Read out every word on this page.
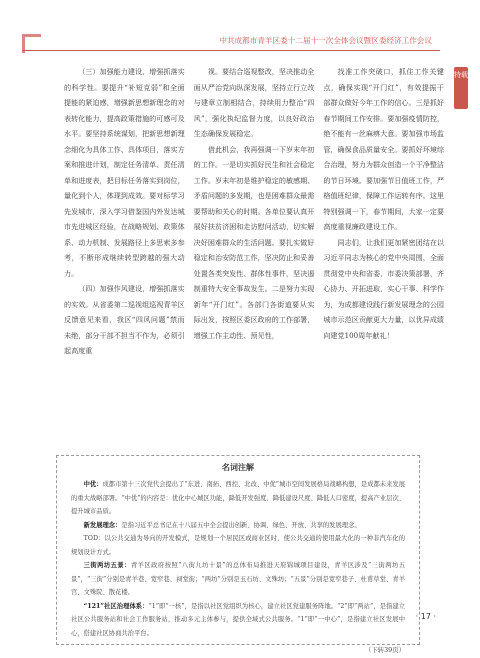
中共成都市青羊区委十二届十一次全体会议暨区委经济工作会议
特载

（三）加强能力建设，增强抓落实的科学性。要提升“补短克弱”和全面提能的紧迫感，增强新思想新理念的对表转化能力，提高政策措施的可感可及水平。要坚持系统谋划，把新思想新理念细化为具体工作、具体项目，落实方案和推进计划，制定任务清单、责任清单和进度表，把目标任务落实到岗位，量化到个人，体现到成效。要对标学习先发城市，深入学习借鉴国内外发达城市先进城区经验，在战略规划、政策体系、动力机制、发展路径上多思索多参考，不断形成继续转型跨越的强大动力。

（四）加强作风建设，增强抓落实的实效。从省委第二巡视组巡视青羊区反馈意见来看，我区“四风问题”禁而未绝，部分干部不担当不作为，必须引起高度重

视。要结合巡视整改，坚决推动全面从严治党向纵深发展，坚持立行立改与建章立制相结合，持续用力整治“四风”，强化执纪监督力度，以良好政治生态确保发展稳定。

借此机会，我再强调一下岁末年初的工作。一是切实抓好民生和社会稳定工作。岁末年初是维护稳定的敏感期、矛盾问题的多发期，也是困难群众最需要帮助和关心的时期。各单位要认真开展好扶贫济困和走访慰问活动，切实解决好困难群众的生活问题。要扎实做好稳定和治安防范工作，坚决防止和妥善处置各类突发性、群体性事件，坚决遏制重特大安全事故发生。二是努力实现新年“开门红”。各部门各街道要从实际出发，按照区委区政府的工作部署，增强工作主动性、预见性，

找准工作突破口，抓住工作关键点，确保实现“开门红”，有效提振干部群众做好今年工作的信心。三是抓好春节期间工作安排。要加强疫情防控，绝不能有一丝麻痹大意。要加强市场监管，确保食品质量安全。要抓好环境综合治理，努力为群众创造一个干净整洁的节日环境。要加强节日值班工作，严格值班纪律，保障工作运转有序。这里特别强调一下，春节期间，大家一定要高度重视廉政建设工作。

同志们，让我们更加紧密团结在以习近平同志为核心的党中央周围，全面贯彻党中央和省委、市委决策部署，齐心协力、开拓进取，实心干事、科学作为，为成都建设践行新发展理念的公园城市示范区贡献更大力量，以优异成绩向建党100周年献礼！

名词注解

中优：成都市第十三次党代会提出了“东进、南拓、西控、北改、中优”城市空间发展格局战略构想，是成都未来发展的重大战略部署。“中优”的内容是：优化中心城区功能，降低开发强度、降低建设尺度、降低人口密度，提高产业层次、提升城市品质。

新发展理念：是指习近平总书记在十八届五中全会提出创新、协调、绿色、开放、共享的发展理念。

TOD：以公共交通为导向的开发模式，是规划一个居民区或商业区时，使公共交通的使用最大化的一种非汽车化的规划设计方式。

三街两坊五景：青羊区政府按照“八街九坊十景”的总体布局推进天府锦城项目建设，青羊区涉及“三街两坊五景”，“三街”分别是青羊巷、宽窄巷、祠堂街；“两坊”分别是玉石坊、文殊坊；“五景”分别是宽窄巷子、杜甫草堂、青羊宫、文殊院、散花楼。

“121”社区治理体系：“1”即“一核”，是指以社区党组织为核心，建立社区党建服务阵地。“2”即“两站”，是指建立社区公共服务站和社会工作服务站，推动多元主体参与，提供全域式公共服务。“1”即“一中心”，是指建立社区发展中心，搭建社区协商共治平台。

（下转39页）
· 17 ·
